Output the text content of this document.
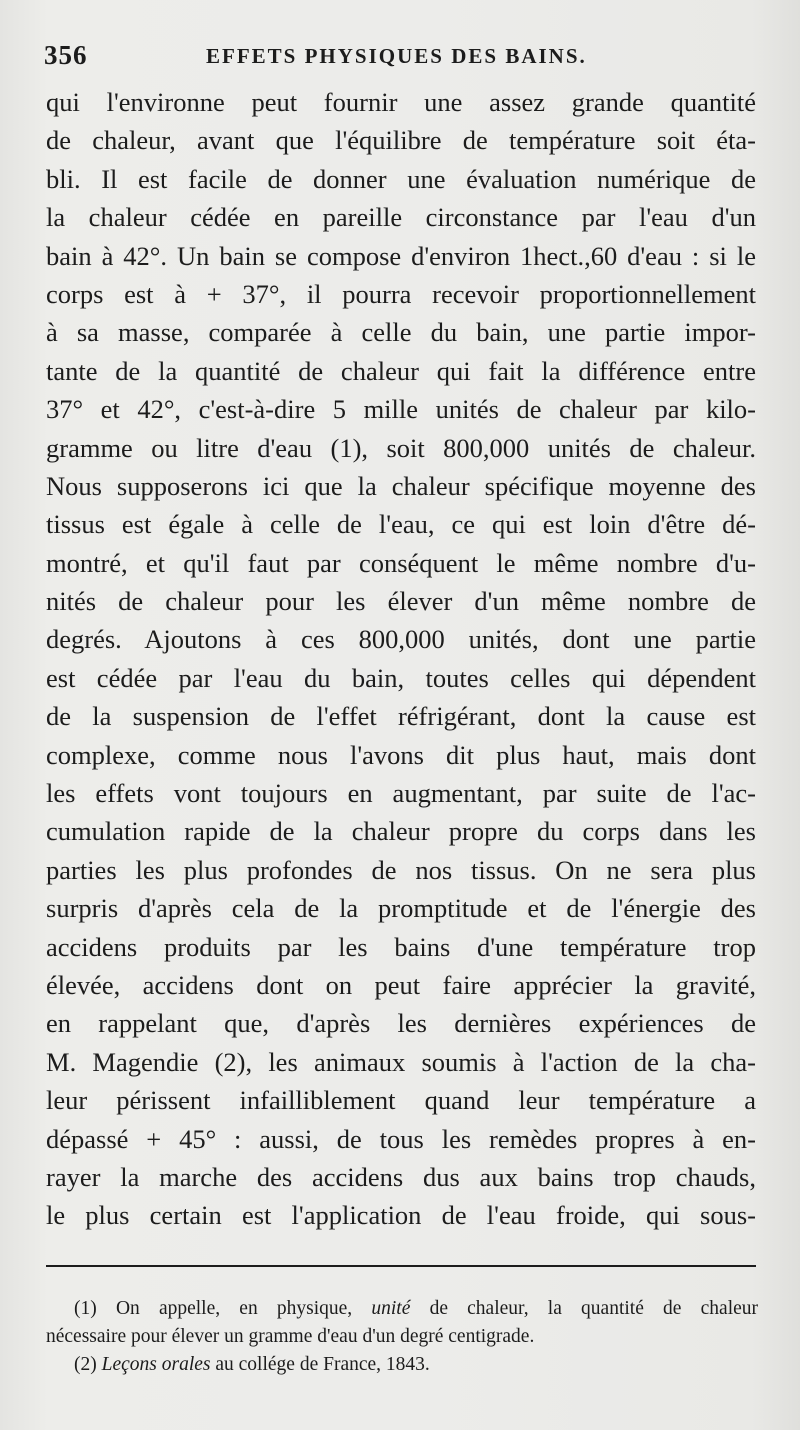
356	EFFETS PHYSIQUES DES BAINS.
qui l'environne peut fournir une assez grande quantité
de chaleur, avant que l'équilibre de température soit éta-
bli. Il est facile de donner une évaluation numérique de
la chaleur cédée en pareille circonstance par l'eau d'un
bain à 42°. Un bain se compose d'environ 1hect.,60 d'eau : si le
corps est à + 37°, il pourra recevoir proportionnellement
à sa masse, comparée à celle du bain, une partie impor-
tante de la quantité de chaleur qui fait la différence entre
37° et 42°, c'est-à-dire 5 mille unités de chaleur par kilo-
gramme ou litre d'eau (1), soit 800,000 unités de chaleur.
Nous supposerons ici que la chaleur spécifique moyenne des
tissus est égale à celle de l'eau, ce qui est loin d'être dé-
montré, et qu'il faut par conséquent le même nombre d'u-
nités de chaleur pour les élever d'un même nombre de
degrés. Ajoutons à ces 800,000 unités, dont une partie
est cédée par l'eau du bain, toutes celles qui dépendent
de la suspension de l'effet réfrigérant, dont la cause est
complexe, comme nous l'avons dit plus haut, mais dont
les effets vont toujours en augmentant, par suite de l'ac-
cumulation rapide de la chaleur propre du corps dans les
parties les plus profondes de nos tissus. On ne sera plus
surpris d'après cela de la promptitude et de l'énergie des
accidens produits par les bains d'une température trop
élevée, accidens dont on peut faire apprécier la gravité,
en rappelant que, d'après les dernières expériences de
M. Magendie (2), les animaux soumis à l'action de la cha-
leur périssent infailliblement quand leur température a
dépassé + 45° : aussi, de tous les remèdes propres à en-
rayer la marche des accidens dus aux bains trop chauds,
le plus certain est l'application de l'eau froide, qui sous-
(1) On appelle, en physique, unité de chaleur, la quantité de chaleur
nécessaire pour élever un gramme d'eau d'un degré centigrade.
(2) Leçons orales au collége de France, 1843.
